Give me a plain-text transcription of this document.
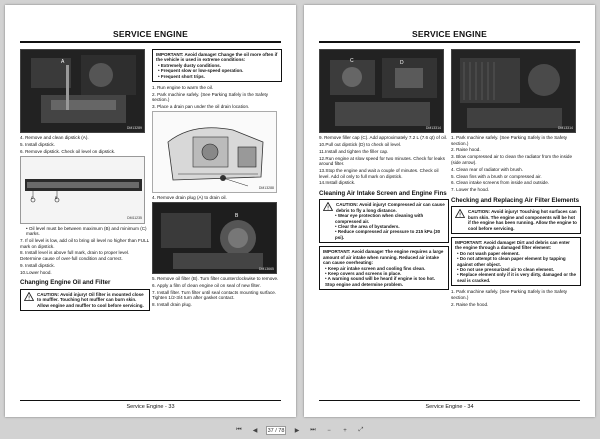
SERVICE ENGINE
A
DM13289

4. Remove and clean dipstick (A).

5. Install dipstick.

6. Remove dipstick. Check oil level on dipstick.

C	B
DM11235

• Oil level must be between maximum (B) and minimum (C) marks.

7. If oil level is low, add oil to bring oil level no higher than FULL mark on dipstick.

8. Install level is above full mark, drain to proper level. Determine cause of over-full condition and correct.

9. Install dipstick.

10.Lower hood.

Changing Engine Oil and Filter
!
CAUTION: Avoid injury! Oil filter is mounted close to muffler. Touching hot muffler can burn skin. Allow engine and muffler to cool before servicing.
IMPORTANT: Avoid damage! Change the oil more often if the vehicle is used in extreme conditions:
• Extremely dusty conditions.
• Frequent slow or low-speed operation.
• Frequent short trips.

1. Run engine to warm the oil.

2. Park machine safely. (See Parking Safely in the Safety section.)

3. Place a drain pan under the oil drain location.

DM13288

4. Remove drain plug (A) to drain oil.

B
DM13665

5. Remove oil filter (B). Turn filter counterclockwise to remove.

6. Apply a film of clean engine oil on seal of new filter.

7. Install filter. Turn filter until seal contacts mounting surface. Tighten 1/2-3/4 turn after gasket contact.

8. Install drain plug.

Service Engine - 33
SERVICE ENGINE
C	D
DM13314

9. Remove filler cap (C). Add approximately 7.2 L (7.6 qt) of oil.

10.Pull out dipstick (D) to check oil level.

11.Install and tighten the filler cap.

12.Run engine at slow speed for two minutes. Check for leaks around filter.

13.Stop the engine and wait a couple of minutes. Check oil level. Add oil only to full mark on dipstick.

14.Install dipstick.

Cleaning Air Intake Screen and Engine Fins
!
CAUTION: Avoid injury! Compressed air can cause debris to fly a long distance.
• Wear eye protection when cleaning with compressed air.
• Clear the area of bystanders.
• Reduce compressed air pressure to 215 kPa (30 psi).
IMPORTANT: Avoid damage! The engine requires a large amount of air intake when running. Reduced air intake can cause overheating:
• Keep air intake screen and cooling fins clean.
• Keep covers and screens in place.
• A warning sound will be heard if engine is too hot. Stop engine and determine problem.
DM13314

1. Park machine safely. (See Parking Safely in the Safety section.)

2. Raise hood.

3. Blow compressed air to clean the radiator from the inside (side arrow).

4. Clean rear of radiator with brush.

5. Clean fins with a brush or compressed air.

6. Clean intake screens from inside and outside.

7. Lower the hood.

Checking and Replacing Air Filter Elements
!
CAUTION: Avoid injury! Touching hot surfaces can burn skin. The engine and components will be hot if the engine has been running. Allow the engine to cool before servicing.
IMPORTANT: Avoid damage! Dirt and debris can enter the engine through a damaged filter element:
• Do not wash paper element.
• Do not attempt to clean paper element by tapping against other object.
• Do not use pressurized air to clean element.
• Replace element only if it is very dirty, damaged or the seal is cracked.

1. Park machine safely. (See Parking Safely in the Safety section.)

2. Raise the hood.

Service Engine - 34
⏮	◀	37 / 78	▶	⏭	−	+	⤢
